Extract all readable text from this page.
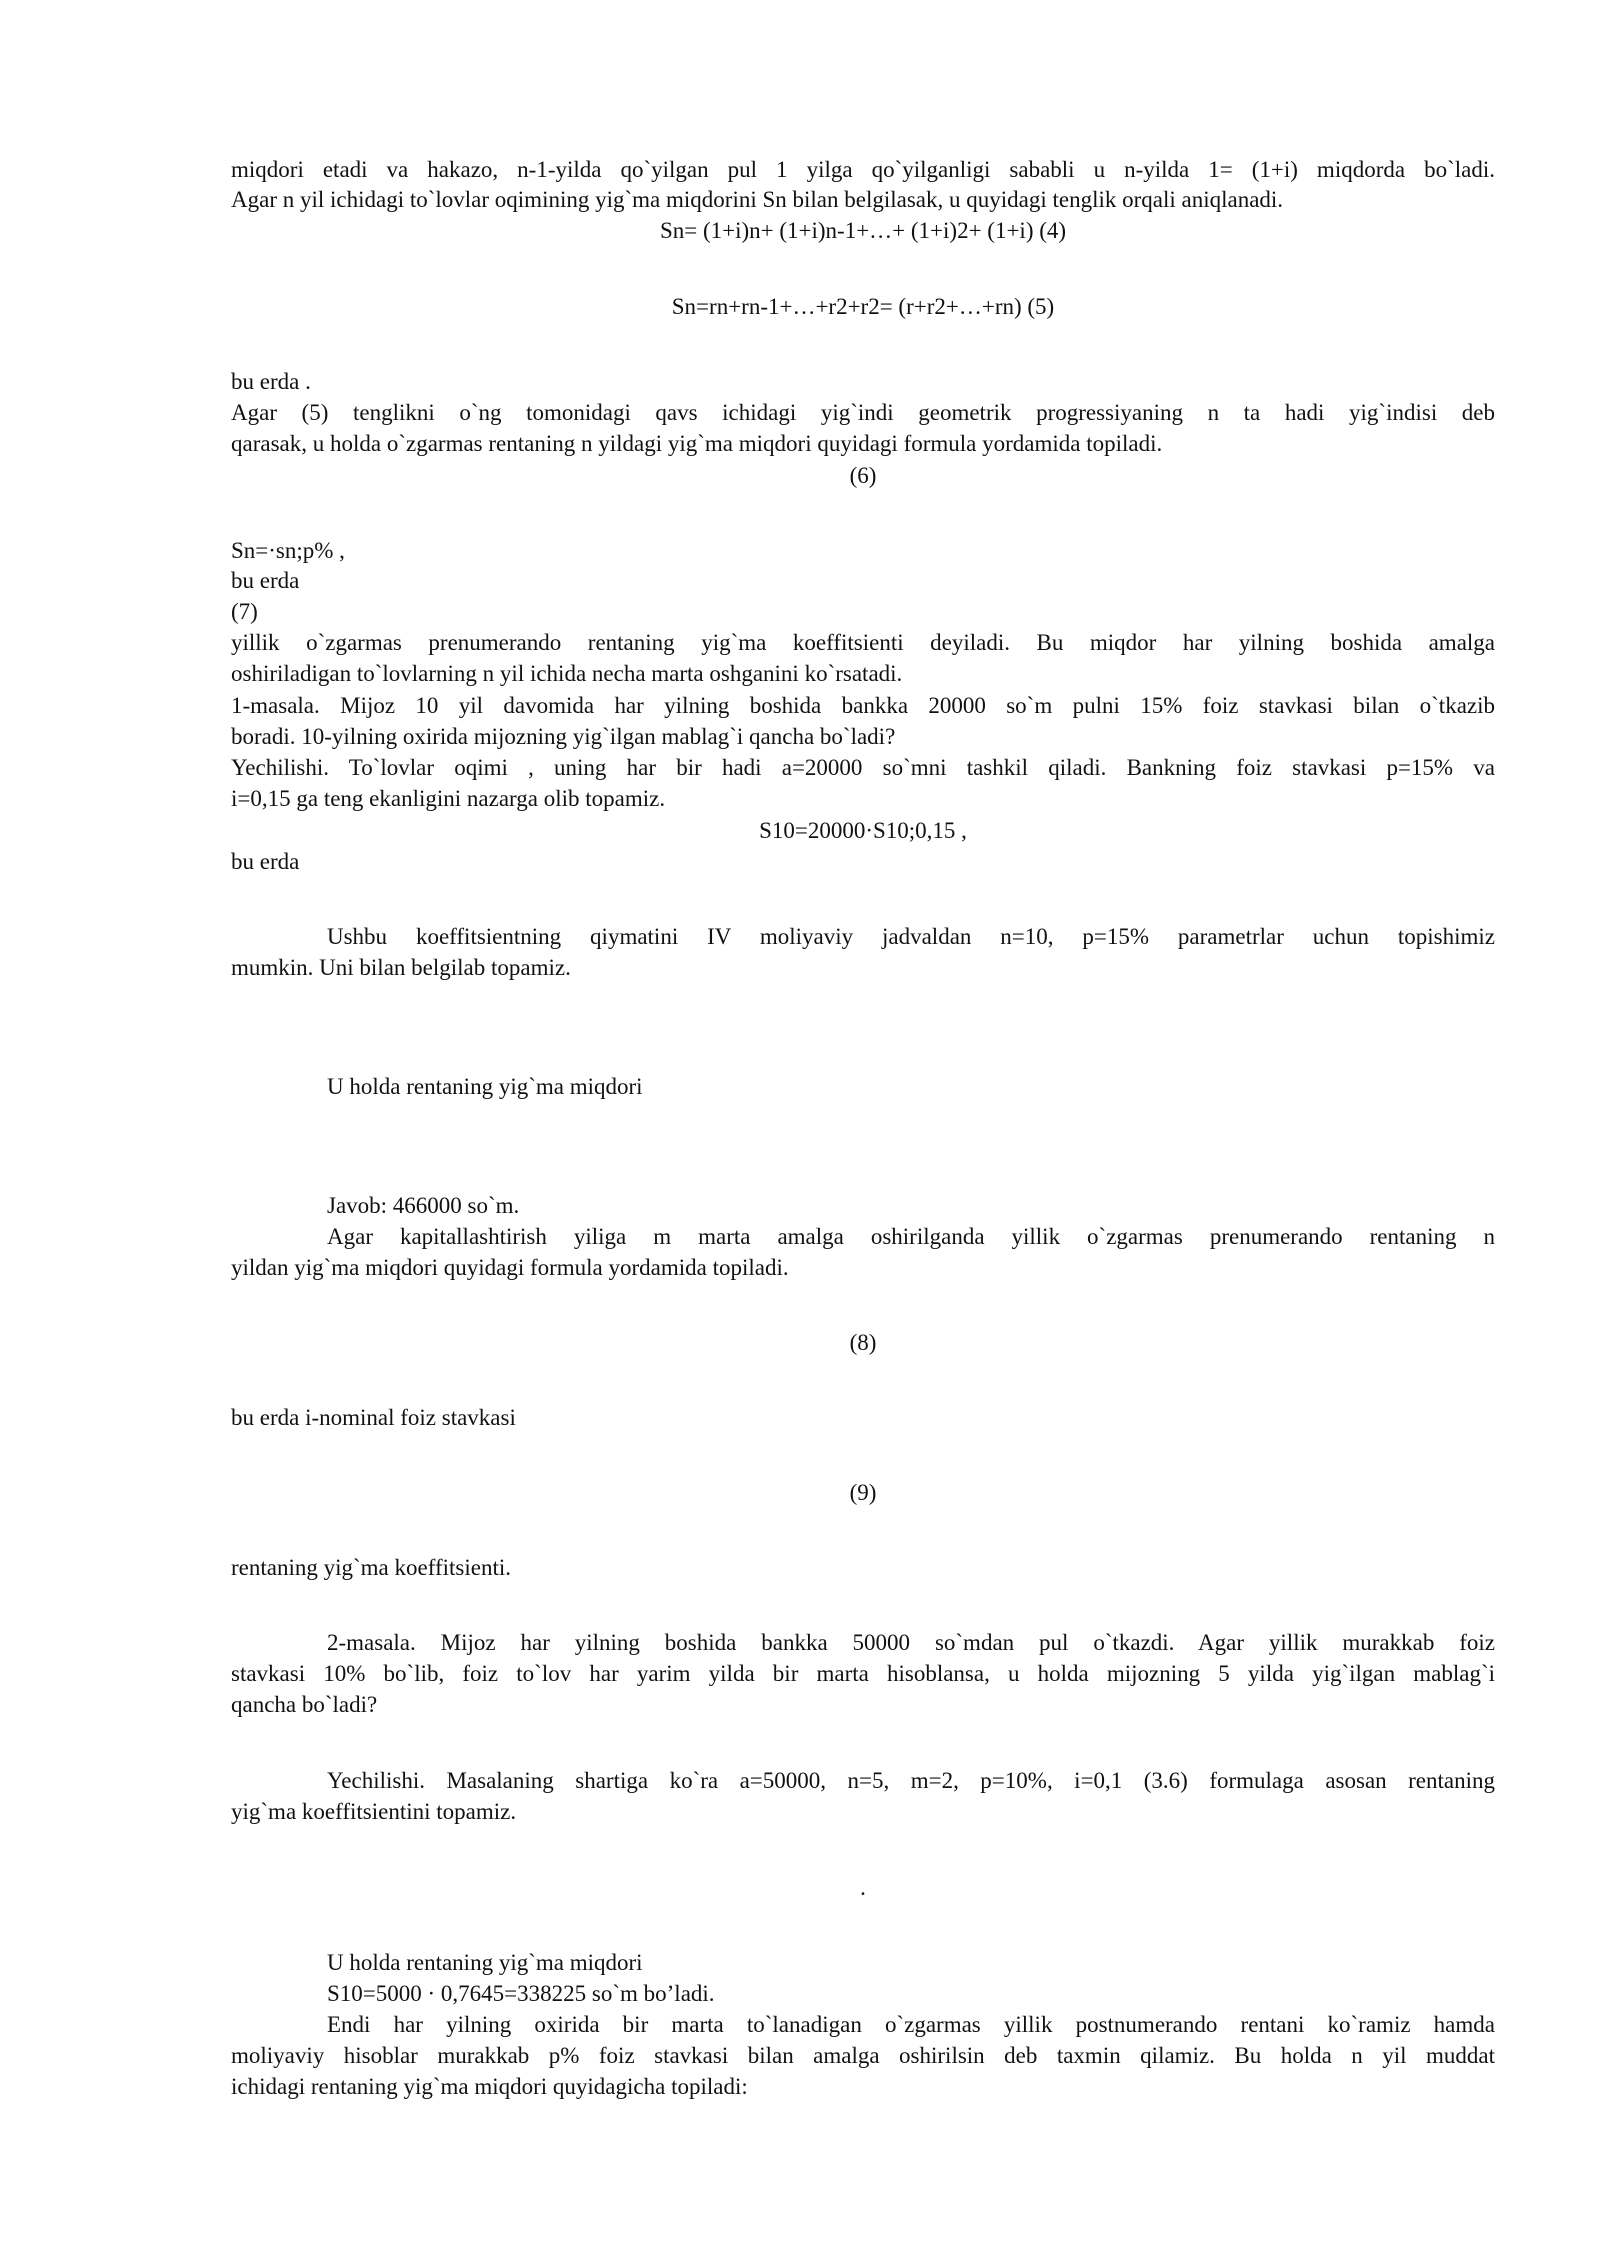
miqdori etadi va hakazo, n-1-yilda qo`yilgan pul 1 yilga qo`yilganligi sababli u n-yilda 1= (1+i) miqdorda bo`ladi.
Agar n yil ichidagi to`lovlar oqimining yig`ma miqdorini Sn bilan belgilasak, u quyidagi tenglik orqali aniqlanadi.
Sn= (1+i)n+ (1+i)n-1+…+ (1+i)2+ (1+i) (4)
Sn=rn+rn-1+…+r2+r2= (r+r2+…+rn) (5)
bu erda .
Agar (5) tenglikni o`ng tomonidagi qavs ichidagi yig`indi geometrik progressiyaning n ta hadi yig`indisi deb
qarasak, u holda o`zgarmas rentaning n yildagi yig`ma miqdori quyidagi formula yordamida topiladi.
(6)
Sn=·sn;p% ,
bu erda
(7)
yillik o`zgarmas prenumerando rentaning yig`ma koeffitsienti deyiladi. Bu miqdor har yilning boshida amalga
oshiriladigan to`lovlarning n yil ichida necha marta oshganini ko`rsatadi.
1-masala. Mijoz 10 yil davomida har yilning boshida bankka 20000 so`m pulni 15% foiz stavkasi bilan o`tkazib
boradi. 10-yilning oxirida mijozning yig`ilgan mablag`i qancha bo`ladi?
Yechilishi. To`lovlar oqimi , uning har bir hadi a=20000 so`mni tashkil qiladi. Bankning foiz stavkasi p=15% va
i=0,15 ga teng ekanligini nazarga olib topamiz.
S10=20000·S10;0,15 ,
bu erda
Ushbu koeffitsientning qiymatini IV moliyaviy jadvaldan n=10, p=15% parametrlar uchun topishimiz
mumkin. Uni bilan belgilab topamiz.
U holda rentaning yig`ma miqdori
Javob: 466000 so`m.
Agar kapitallashtirish yiliga m marta amalga oshirilganda yillik o`zgarmas prenumerando rentaning n
yildan yig`ma miqdori quyidagi formula yordamida topiladi.
(8)
bu erda i-nominal foiz stavkasi
(9)
rentaning yig`ma koeffitsienti.
2-masala. Mijoz har yilning boshida bankka 50000 so`mdan pul o`tkazdi. Agar yillik murakkab foiz
stavkasi 10% bo`lib, foiz to`lov har yarim yilda bir marta hisoblansa, u holda mijozning 5 yilda yig`ilgan mablag`i
qancha bo`ladi?
Yechilishi. Masalaning shartiga ko`ra a=50000, n=5, m=2, p=10%, i=0,1 (3.6) formulaga asosan rentaning
yig`ma koeffitsientini topamiz.
.
U holda rentaning yig`ma miqdori
S10=5000 · 0,7645=338225 so`m bo’ladi.
Endi har yilning oxirida bir marta to`lanadigan o`zgarmas yillik postnumerando rentani ko`ramiz hamda
moliyaviy hisoblar murakkab p% foiz stavkasi bilan amalga oshirilsin deb taxmin qilamiz. Bu holda n yil muddat
ichidagi rentaning yig`ma miqdori quyidagicha topiladi:
